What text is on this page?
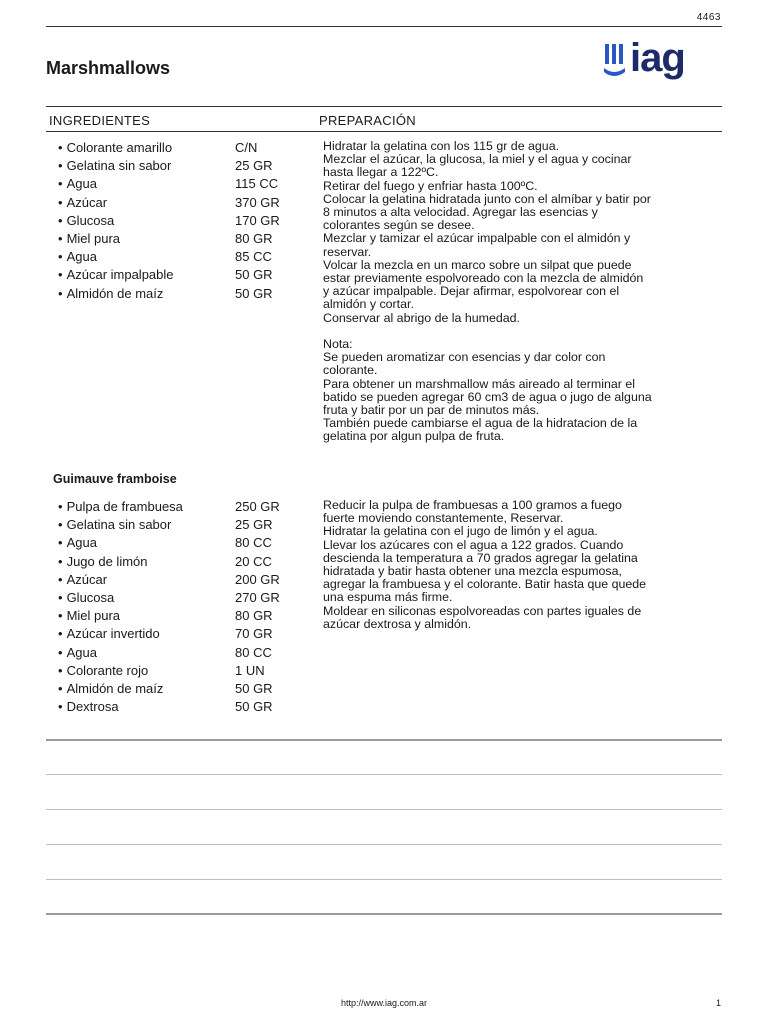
4463
Marshmallows	iag
INGREDIENTES	PREPARACIÓN
• Colorante amarillo	C/N
• Gelatina sin sabor	25 GR
• Agua	115 CC
• Azúcar	370 GR
• Glucosa	170 GR
• Miel pura	80 GR
• Agua	85 CC
• Azúcar impalpable	50 GR
• Almidón de maíz	50 GR

Hidratar la gelatina con los 115 gr de agua.

Mezclar el azúcar, la glucosa, la miel y el agua y cocinar

hasta llegar a 122ºC.

Retirar del fuego y enfriar hasta 100ºC.

Colocar la gelatina hidratada junto con el almíbar y batir por

8 minutos a alta velocidad. Agregar las esencias y

colorantes según se desee.

Mezclar y tamizar el azúcar impalpable con el almidón y

reservar.

Volcar la mezcla en un marco sobre un silpat que puede

estar previamente espolvoreado con la mezcla de almidón

y azúcar impalpable. Dejar afirmar, espolvorear con el

almidón y cortar.

Conservar al abrigo de la humedad.

Nota:

Se pueden aromatizar con esencias y dar color con

colorante.

Para obtener un marshmallow más aireado al terminar el

batido se pueden agregar 60 cm3 de agua o jugo de alguna

fruta y batir por un par de minutos más.

También puede cambiarse el agua de la hidratacion de la

gelatina por algun pulpa de fruta.

Guimauve framboise
• Pulpa de frambuesa	250 GR
• Gelatina sin sabor	25 GR
• Agua	80 CC
• Jugo de limón	20 CC
• Azúcar	200 GR
• Glucosa	270 GR
• Miel pura	80 GR
• Azúcar invertido	70 GR
• Agua	80 CC
• Colorante rojo	1 UN
• Almidón de maíz	50 GR
• Dextrosa	50 GR

Reducir la pulpa de frambuesas a 100 gramos a fuego

fuerte moviendo constantemente, Reservar.

Hidratar la gelatina con el jugo de limón y el agua.

Llevar los azúcares con el agua a 122 grados. Cuando

descienda la temperatura a 70 grados agregar la gelatina

hidratada y batir hasta obtener una mezcla espumosa,

agregar la frambuesa y el colorante. Batir hasta que quede

una espuma más firme.

Moldear en siliconas espolvoreadas con partes iguales de

azúcar dextrosa y almidón.

http://www.iag.com.ar	1
